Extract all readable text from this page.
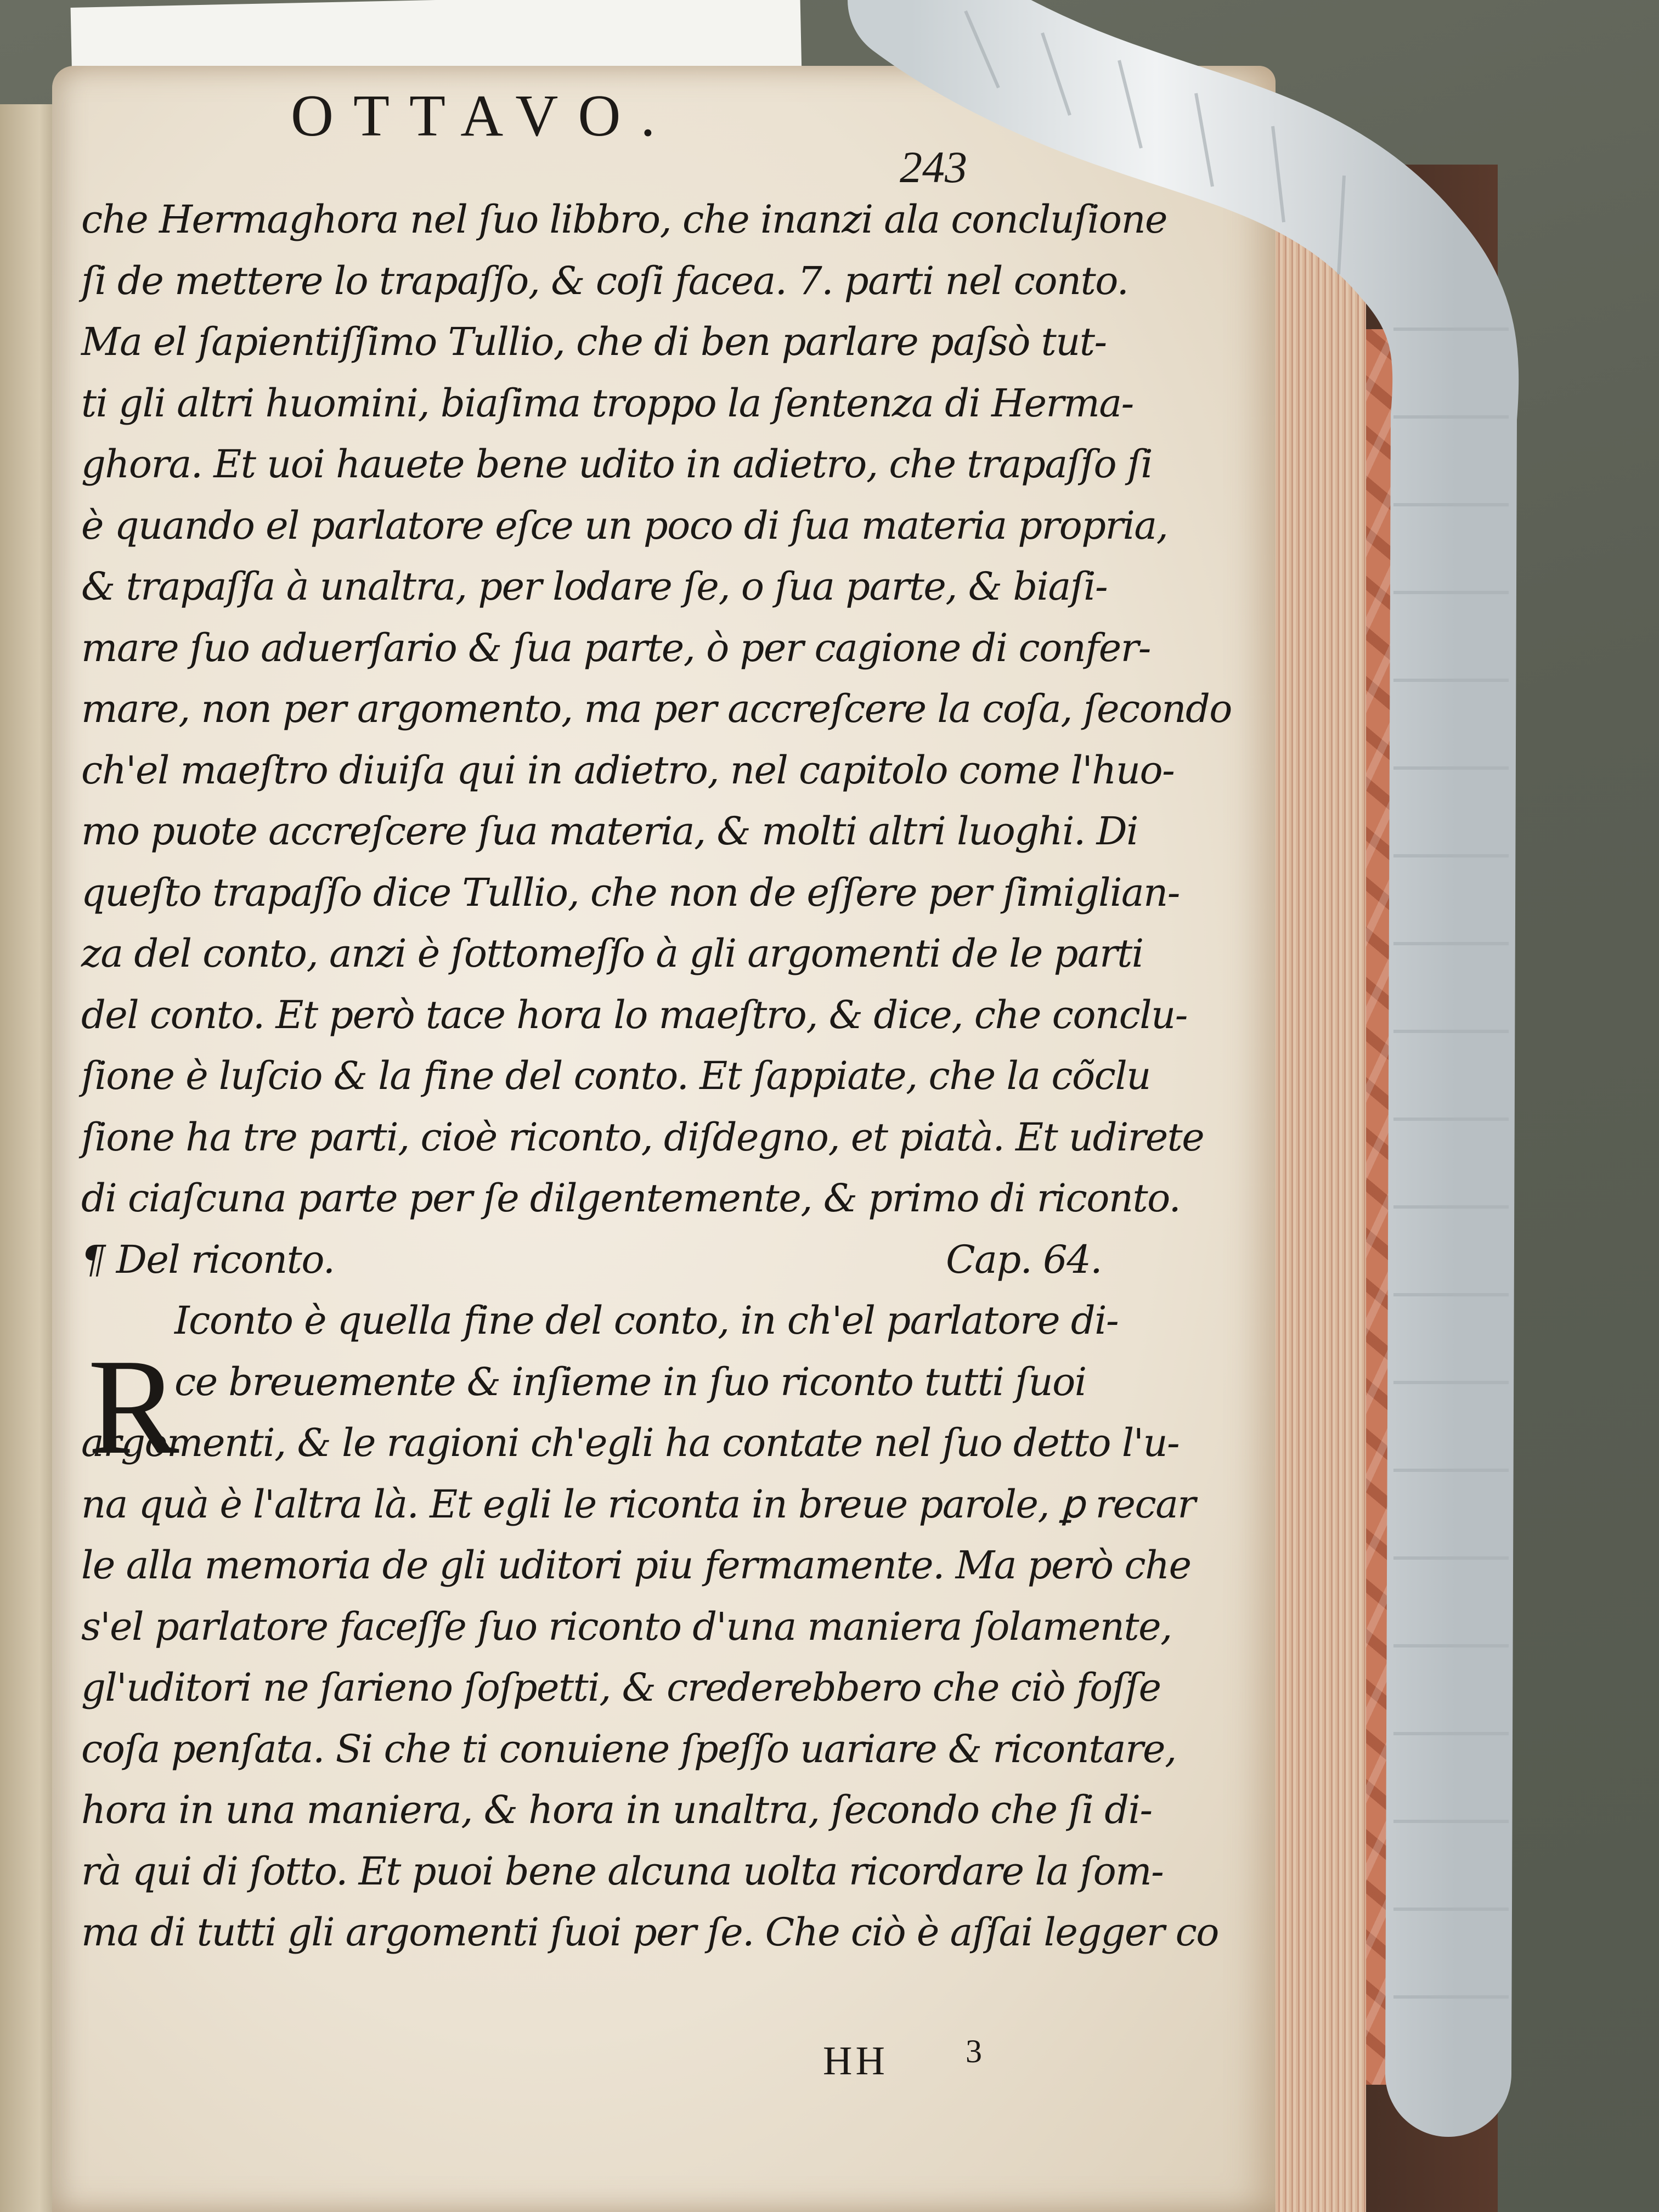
OTTAVO.
243
che Hermaghora nel ſuo libbro, che inanzi ala concluſione
ſi de mettere lo trapaſſo, & coſi facea. 7. parti nel conto.
Ma el ſapientiſſimo Tullio, che di ben parlare paſsò tut-
ti gli altri huomini, biaſima troppo la ſentenza di Herma-
ghora. Et uoi hauete bene udito in adietro, che trapaſſo ſi
è quando el parlatore eſce un poco di ſua materia propria,
& trapaſſa à unaltra, per lodare ſe, o ſua parte, & biaſi-
mare ſuo aduerſario & ſua parte, ò per cagione di confer-
mare, non per argomento, ma per accreſcere la coſa, ſecondo
ch'el maeſtro diuiſa qui in adietro, nel capitolo come l'huo-
mo puote accreſcere ſua materia, & molti altri luoghi. Di
queſto trapaſſo dice Tullio, che non de eſſere per ſimiglian-
za del conto, anzi è ſottomeſſo à gli argomenti de le parti
del conto. Et però tace hora lo maeſtro, & dice, che conclu-
ſione è luſcio & la fine del conto. Et ſappiate, che la cõclu
ſione ha tre parti, cioè riconto, diſdegno, et piatà. Et udirete
di ciaſcuna parte per ſe dilgentemente, & primo di riconto.
¶ Del riconto.	Cap. 64.
Iconto è quella fine del conto, in ch'el parlatore di-
ce breuemente & inſieme in ſuo riconto tutti ſuoi
argomenti, & le ragioni ch'egli ha contate nel ſuo detto l'u-
na quà è l'altra là. Et egli le riconta in breue parole, ꝑ recar
le alla memoria de gli uditori piu fermamente. Ma però che
s'el parlatore faceſſe ſuo riconto d'una maniera ſolamente,
gl'uditori ne ſarieno ſoſpetti, & crederebbero che ciò foſſe
coſa penſata. Si che ti conuiene ſpeſſo uariare & ricontare,
hora in una maniera, & hora in unaltra, ſecondo che ſi di-
rà qui di ſotto. Et puoi bene alcuna uolta ricordare la ſom-
ma di tutti gli argomenti ſuoi per ſe. Che ciò è aſſai legger co
R
HH 3
